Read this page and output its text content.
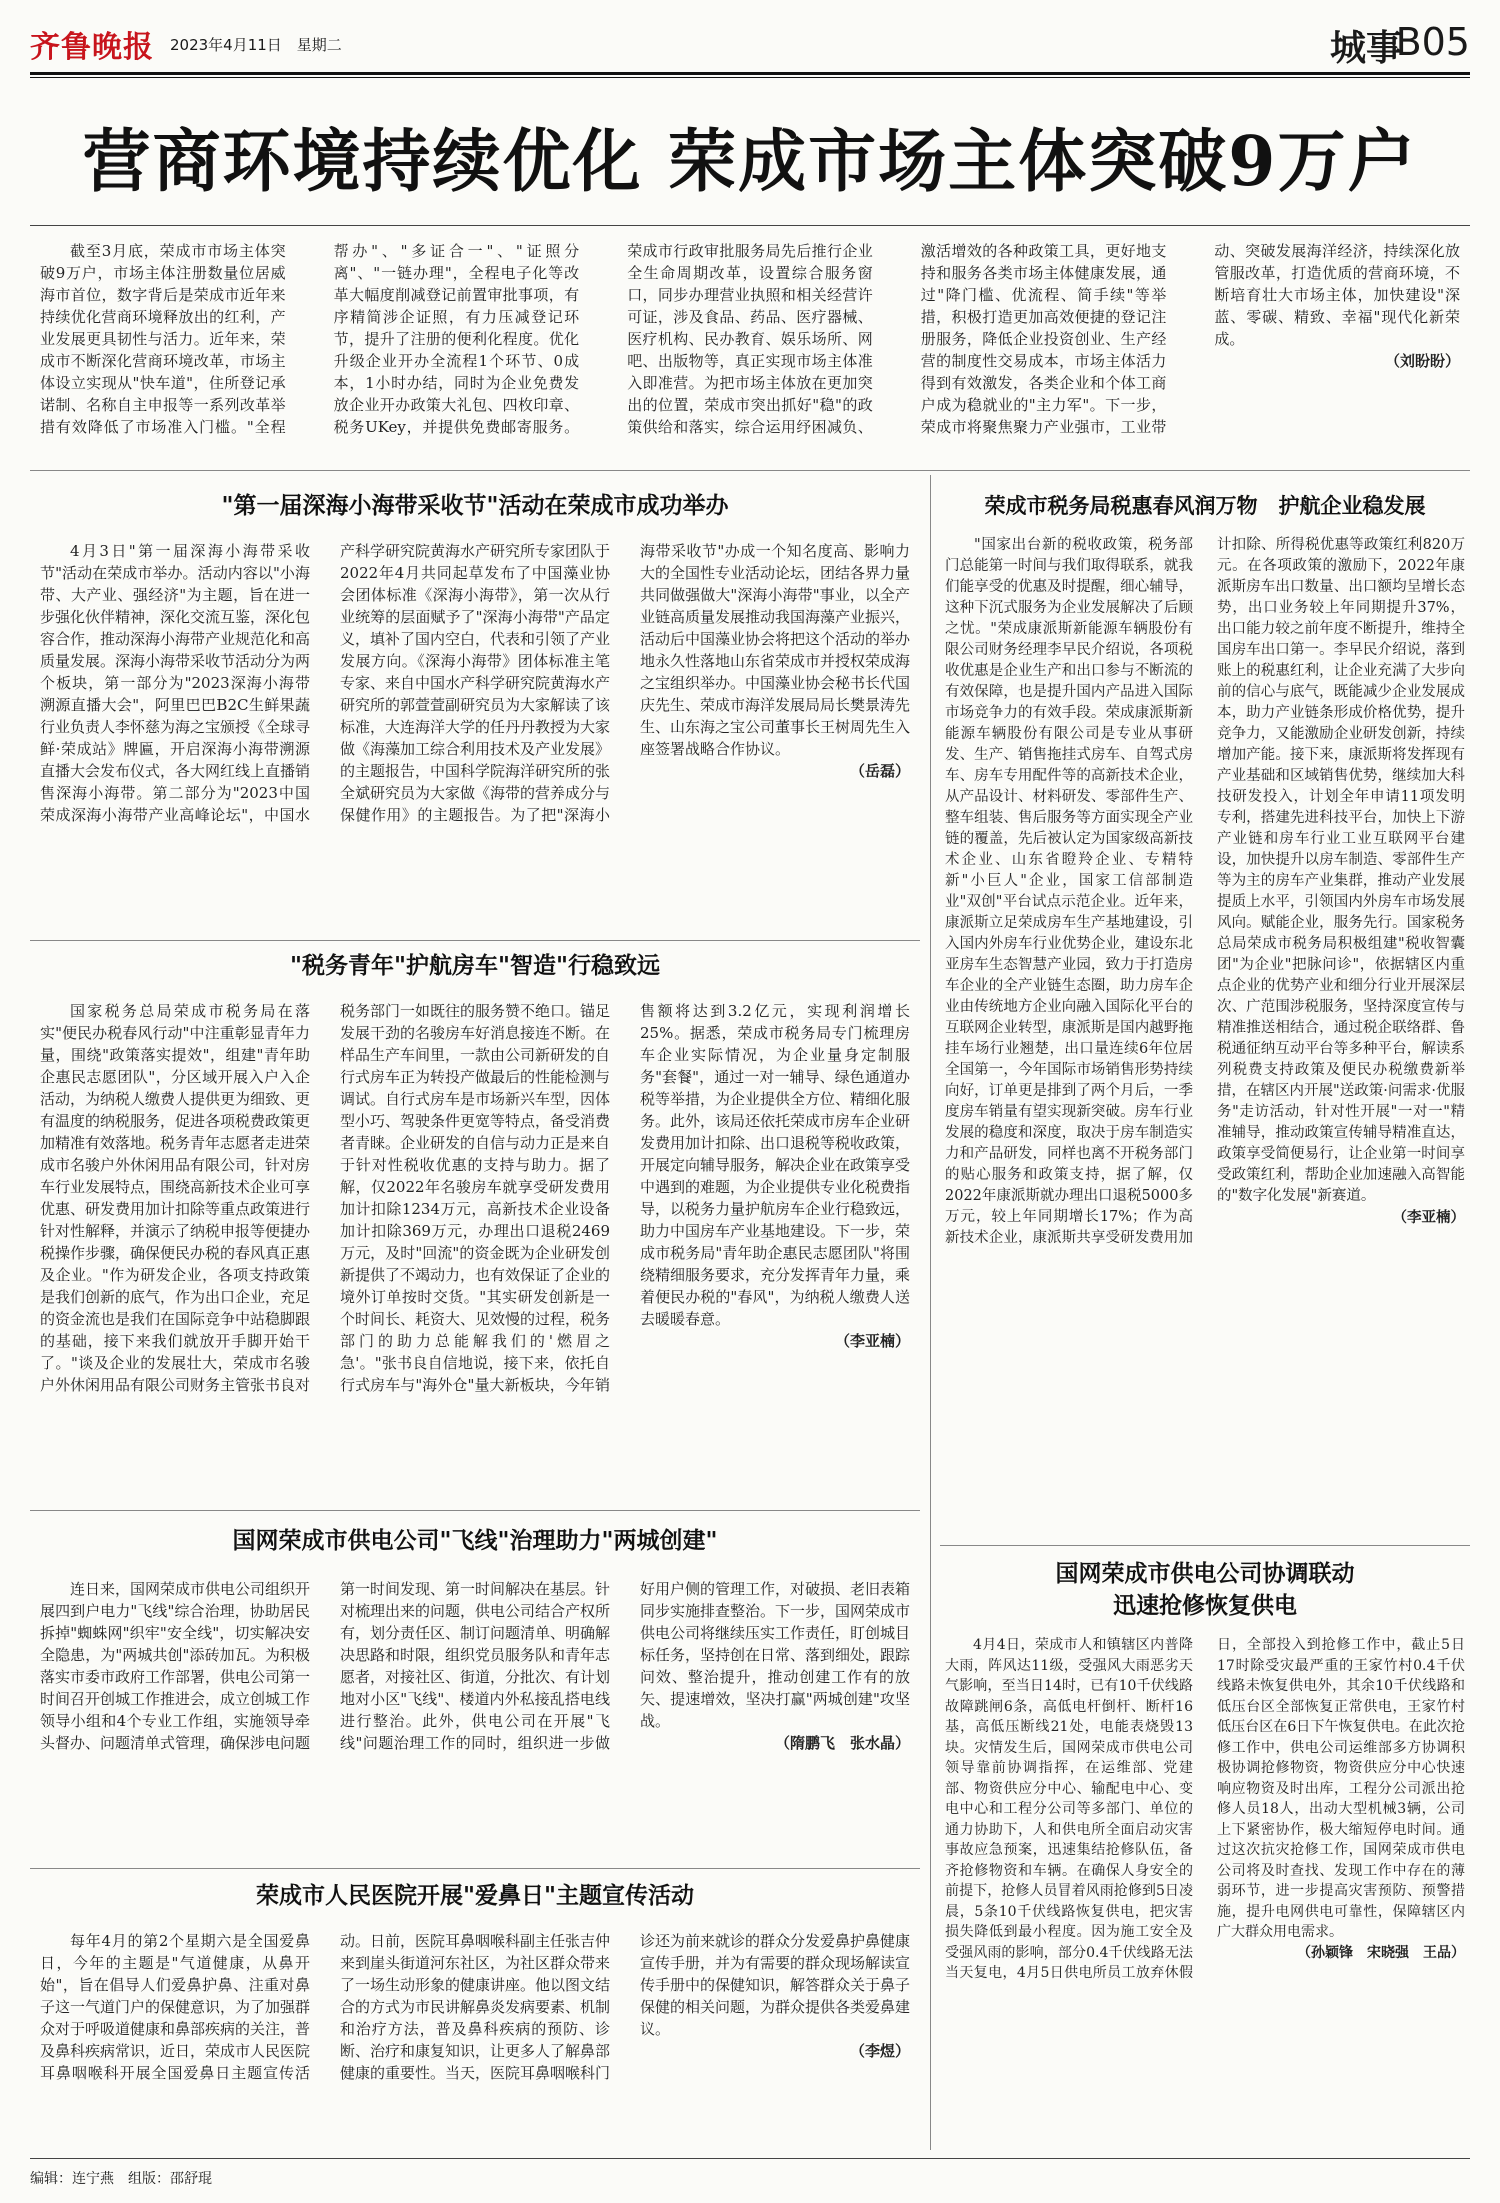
齐鲁晚报 2023年4月11日　星期二	城事
B05
营商环境持续优化 荣成市场主体突破9万户

截至3月底，荣成市市场主体突破9万户，市场主体注册数量位居威海市首位，数字背后是荣成市近年来持续优化营商环境释放出的红利，产业发展更具韧性与活力。近年来，荣成市不断深化营商环境改革，市场主体设立实现从"快车道"，住所登记承诺制、名称自主申报等一系列改革举措有效降低了市场准入门槛。"全程帮办"、"多证合一"、"证照分离"、"一链办理"，全程电子化等改革大幅度削减登记前置审批事项，有序精简涉企证照，有力压减登记环节，提升了注册的便利化程度。优化升级企业开办全流程1个环节、0成本，1小时办结，同时为企业免费发放企业开办政策大礼包、四枚印章、税务UKey，并提供免费邮寄服务。荣成市行政审批服务局先后推行企业全生命周期改革，设置综合服务窗口，同步办理营业执照和相关经营许可证，涉及食品、药品、医疗器械、医疗机构、民办教育、娱乐场所、网吧、出版物等，真正实现市场主体准入即准营。为把市场主体放在更加突出的位置，荣成市突出抓好"稳"的政策供给和落实，综合运用纾困减负、激活增效的各种政策工具，更好地支持和服务各类市场主体健康发展，通过"降门槛、优流程、简手续"等举措，积极打造更加高效便捷的登记注册服务，降低企业投资创业、生产经营的制度性交易成本，市场主体活力得到有效激发，各类企业和个体工商户成为稳就业的"主力军"。下一步，荣成市将聚焦聚力产业强市，工业带动、突破发展海洋经济，持续深化放管服改革，打造优质的营商环境，不断培育壮大市场主体，加快建设"深蓝、零碳、精致、幸福"现代化新荣成。

（刘盼盼）
"第一届深海小海带采收节"活动在荣成市成功举办

4月3日"第一届深海小海带采收节"活动在荣成市举办。活动内容以"小海带、大产业、强经济"为主题，旨在进一步强化伙伴精神，深化交流互鉴，深化包容合作，推动深海小海带产业规范化和高质量发展。深海小海带采收节活动分为两个板块，第一部分为"2023深海小海带溯源直播大会"，阿里巴巴B2C生鲜果蔬行业负责人李怀慈为海之宝颁授《全球寻鲜·荣成站》牌匾，开启深海小海带溯源直播大会发布仪式，各大网红线上直播销售深海小海带。第二部分为"2023中国荣成深海小海带产业高峰论坛"，中国水产科学研究院黄海水产研究所专家团队于2022年4月共同起草发布了中国藻业协会团体标准《深海小海带》，第一次从行业统筹的层面赋予了"深海小海带"产品定义，填补了国内空白，代表和引领了产业发展方向。《深海小海带》团体标准主笔专家、来自中国水产科学研究院黄海水产研究所的郭萱萱副研究员为大家解读了该标准，大连海洋大学的任丹丹教授为大家做《海藻加工综合利用技术及产业发展》的主题报告，中国科学院海洋研究所的张全斌研究员为大家做《海带的营养成分与保健作用》的主题报告。为了把"深海小海带采收节"办成一个知名度高、影响力大的全国性专业活动论坛，团结各界力量共同做强做大"深海小海带"事业，以全产业链高质量发展推动我国海藻产业振兴，活动后中国藻业协会将把这个活动的举办地永久性落地山东省荣成市并授权荣成海之宝组织举办。中国藻业协会秘书长代国庆先生、荣成市海洋发展局局长樊景涛先生、山东海之宝公司董事长王树周先生入座签署战略合作协议。

（岳磊）
"税务青年"护航房车"智造"行稳致远

国家税务总局荣成市税务局在落实"便民办税春风行动"中注重彰显青年力量，围绕"政策落实提效"，组建"青年助企惠民志愿团队"，分区域开展入户入企活动，为纳税人缴费人提供更为细致、更有温度的纳税服务，促进各项税费政策更加精准有效落地。税务青年志愿者走进荣成市名骏户外休闲用品有限公司，针对房车行业发展特点，围绕高新技术企业可享优惠、研发费用加计扣除等重点政策进行针对性解释，并演示了纳税申报等便捷办税操作步骤，确保便民办税的春风真正惠及企业。"作为研发企业，各项支持政策是我们创新的底气，作为出口企业，充足的资金流也是我们在国际竞争中站稳脚跟的基础，接下来我们就放开手脚开始干了。"谈及企业的发展壮大，荣成市名骏户外休闲用品有限公司财务主管张书良对税务部门一如既往的服务赞不绝口。锚足发展干劲的名骏房车好消息接连不断。在样品生产车间里，一款由公司新研发的自行式房车正为转投产做最后的性能检测与调试。自行式房车是市场新兴车型，因体型小巧、驾驶条件更宽等特点，备受消费者青睐。企业研发的自信与动力正是来自于针对性税收优惠的支持与助力。据了解，仅2022年名骏房车就享受研发费用加计扣除1234万元，高新技术企业设备加计扣除369万元，办理出口退税2469万元，及时"回流"的资金既为企业研发创新提供了不竭动力，也有效保证了企业的境外订单按时交货。"其实研发创新是一个时间长、耗资大、见效慢的过程，税务部门的助力总能解我们的'燃眉之急'。"张书良自信地说，接下来，依托自行式房车与"海外仓"量大新板块，今年销售额将达到3.2亿元，实现利润增长25%。据悉，荣成市税务局专门梳理房车企业实际情况，为企业量身定制服务"套餐"，通过一对一辅导、绿色通道办税等举措，为企业提供全方位、精细化服务。此外，该局还依托荣成市房车企业研发费用加计扣除、出口退税等税收政策，开展定向辅导服务，解决企业在政策享受中遇到的难题，为企业提供专业化税费指导，以税务力量护航房车企业行稳致远，助力中国房车产业基地建设。下一步，荣成市税务局"青年助企惠民志愿团队"将围绕精细服务要求，充分发挥青年力量，乘着便民办税的"春风"，为纳税人缴费人送去暖暖春意。

（李亚楠）
国网荣成市供电公司"飞线"治理助力"两城创建"

连日来，国网荣成市供电公司组织开展四到户电力"飞线"综合治理，协助居民拆掉"蜘蛛网"织牢"安全线"，切实解决安全隐患，为"两城共创"添砖加瓦。为积极落实市委市政府工作部署，供电公司第一时间召开创城工作推进会，成立创城工作领导小组和4个专业工作组，实施领导牵头督办、问题清单式管理，确保涉电问题第一时间发现、第一时间解决在基层。针对梳理出来的问题，供电公司结合产权所有，划分责任区、制订问题清单、明确解决思路和时限，组织党员服务队和青年志愿者，对接社区、街道，分批次、有计划地对小区"飞线"、楼道内外私接乱搭电线进行整治。此外，供电公司在开展"飞线"问题治理工作的同时，组织进一步做好用户侧的管理工作，对破损、老旧表箱同步实施排查整治。下一步，国网荣成市供电公司将继续压实工作责任，盯创城目标任务，坚持创在日常、落到细处，跟踪问效、整治提升，推动创建工作有的放矢、提速增效，坚决打赢"两城创建"攻坚战。

（隋鹏飞　张水晶）
荣成市人民医院开展"爱鼻日"主题宣传活动

每年4月的第2个星期六是全国爱鼻日，今年的主题是"气道健康，从鼻开始"，旨在倡导人们爱鼻护鼻、注重对鼻子这一气道门户的保健意识，为了加强群众对于呼吸道健康和鼻部疾病的关注，普及鼻科疾病常识，近日，荣成市人民医院耳鼻咽喉科开展全国爱鼻日主题宣传活动。日前，医院耳鼻咽喉科副主任张吉仲来到崖头街道河东社区，为社区群众带来了一场生动形象的健康讲座。他以图文结合的方式为市民讲解鼻炎发病要素、机制和治疗方法，普及鼻科疾病的预防、诊断、治疗和康复知识，让更多人了解鼻部健康的重要性。当天，医院耳鼻咽喉科门诊还为前来就诊的群众分发爱鼻护鼻健康宣传手册，并为有需要的群众现场解读宣传手册中的保健知识，解答群众关于鼻子保健的相关问题，为群众提供各类爱鼻建议。

（李煜）
荣成市税务局税惠春风润万物　护航企业稳发展

"国家出台新的税收政策，税务部门总能第一时间与我们取得联系，就我们能享受的优惠及时提醒，细心辅导，这种下沉式服务为企业发展解决了后顾之忧。"荣成康派斯新能源车辆股份有限公司财务经理李早民介绍说，各项税收优惠是企业生产和出口参与不断流的有效保障，也是提升国内产品进入国际市场竞争力的有效手段。荣成康派斯新能源车辆股份有限公司是专业从事研发、生产、销售拖挂式房车、自驾式房车、房车专用配件等的高新技术企业，从产品设计、材料研发、零部件生产、整车组装、售后服务等方面实现全产业链的覆盖，先后被认定为国家级高新技术企业、山东省瞪羚企业、专精特新"小巨人"企业，国家工信部制造业"双创"平台试点示范企业。近年来，康派斯立足荣成房车生产基地建设，引入国内外房车行业优势企业，建设东北亚房车生态智慧产业园，致力于打造房车企业的全产业链生态圈，助力房车企业由传统地方企业向融入国际化平台的互联网企业转型，康派斯是国内越野拖挂车场行业翘楚，出口量连续6年位居全国第一，今年国际市场销售形势持续向好，订单更是排到了两个月后，一季度房车销量有望实现新突破。房车行业发展的稳度和深度，取决于房车制造实力和产品研发，同样也离不开税务部门的贴心服务和政策支持，据了解，仅2022年康派斯就办理出口退税5000多万元，较上年同期增长17%；作为高新技术企业，康派斯共享受研发费用加计扣除、所得税优惠等政策红利820万元。在各项政策的激励下，2022年康派斯房车出口数量、出口额均呈增长态势，出口业务较上年同期提升37%，出口能力较之前年度不断提升，维持全国房车出口第一。李早民介绍说，落到账上的税惠红利，让企业充满了大步向前的信心与底气，既能减少企业发展成本，助力产业链条形成价格优势，提升竞争力，又能激励企业研发创新，持续增加产能。接下来，康派斯将发挥现有产业基础和区域销售优势，继续加大科技研发投入，计划全年申请11项发明专利，搭建先进科技平台，加快上下游产业链和房车行业工业互联网平台建设，加快提升以房车制造、零部件生产等为主的房车产业集群，推动产业发展提质上水平，引领国内外房车市场发展风向。赋能企业，服务先行。国家税务总局荣成市税务局积极组建"税收智囊团"为企业"把脉问诊"，依据辖区内重点企业的优势产业和细分行业开展深层次、广范围涉税服务，坚持深度宣传与精准推送相结合，通过税企联络群、鲁税通征纳互动平台等多种平台，解读系列税费支持政策及便民办税缴费新举措，在辖区内开展"送政策·问需求·优服务"走访活动，针对性开展"一对一"精准辅导，推动政策宣传辅导精准直达，政策享受简便易行，让企业第一时间享受政策红利，帮助企业加速融入高智能的"数字化发展"新赛道。

（李亚楠）
国网荣成市供电公司协调联动
迅速抢修恢复供电

4月4日，荣成市人和镇辖区内普降大雨，阵风达11级，受强风大雨恶劣天气影响，至当日14时，已有10千伏线路故障跳闸6条，高低电杆倒杆、断杆16基，高低压断线21处，电能表烧毁13块。灾情发生后，国网荣成市供电公司领导靠前协调指挥，在运维部、党建部、物资供应分中心、输配电中心、变电中心和工程分公司等多部门、单位的通力协助下，人和供电所全面启动灾害事故应急预案，迅速集结抢修队伍，备齐抢修物资和车辆。在确保人身安全的前提下，抢修人员冒着风雨抢修到5日凌晨，5条10千伏线路恢复供电，把灾害损失降低到最小程度。因为施工安全及受强风雨的影响，部分0.4千伏线路无法当天复电，4月5日供电所员工放弃休假日，全部投入到抢修工作中，截止5日17时除受灾最严重的王家竹村0.4千伏线路未恢复供电外，其余10千伏线路和低压台区全部恢复正常供电，王家竹村低压台区在6日下午恢复供电。在此次抢修工作中，供电公司运维部多方协调积极协调抢修物资，物资供应分中心快速响应物资及时出库，工程分公司派出抢修人员18人，出动大型机械3辆，公司上下紧密协作，极大缩短停电时间。通过这次抗灾抢修工作，国网荣成市供电公司将及时查找、发现工作中存在的薄弱环节，进一步提高灾害预防、预警措施，提升电网供电可靠性，保障辖区内广大群众用电需求。

（孙颖锋　宋晓强　王品）
编辑：连宁燕　组版：邵舒琨
